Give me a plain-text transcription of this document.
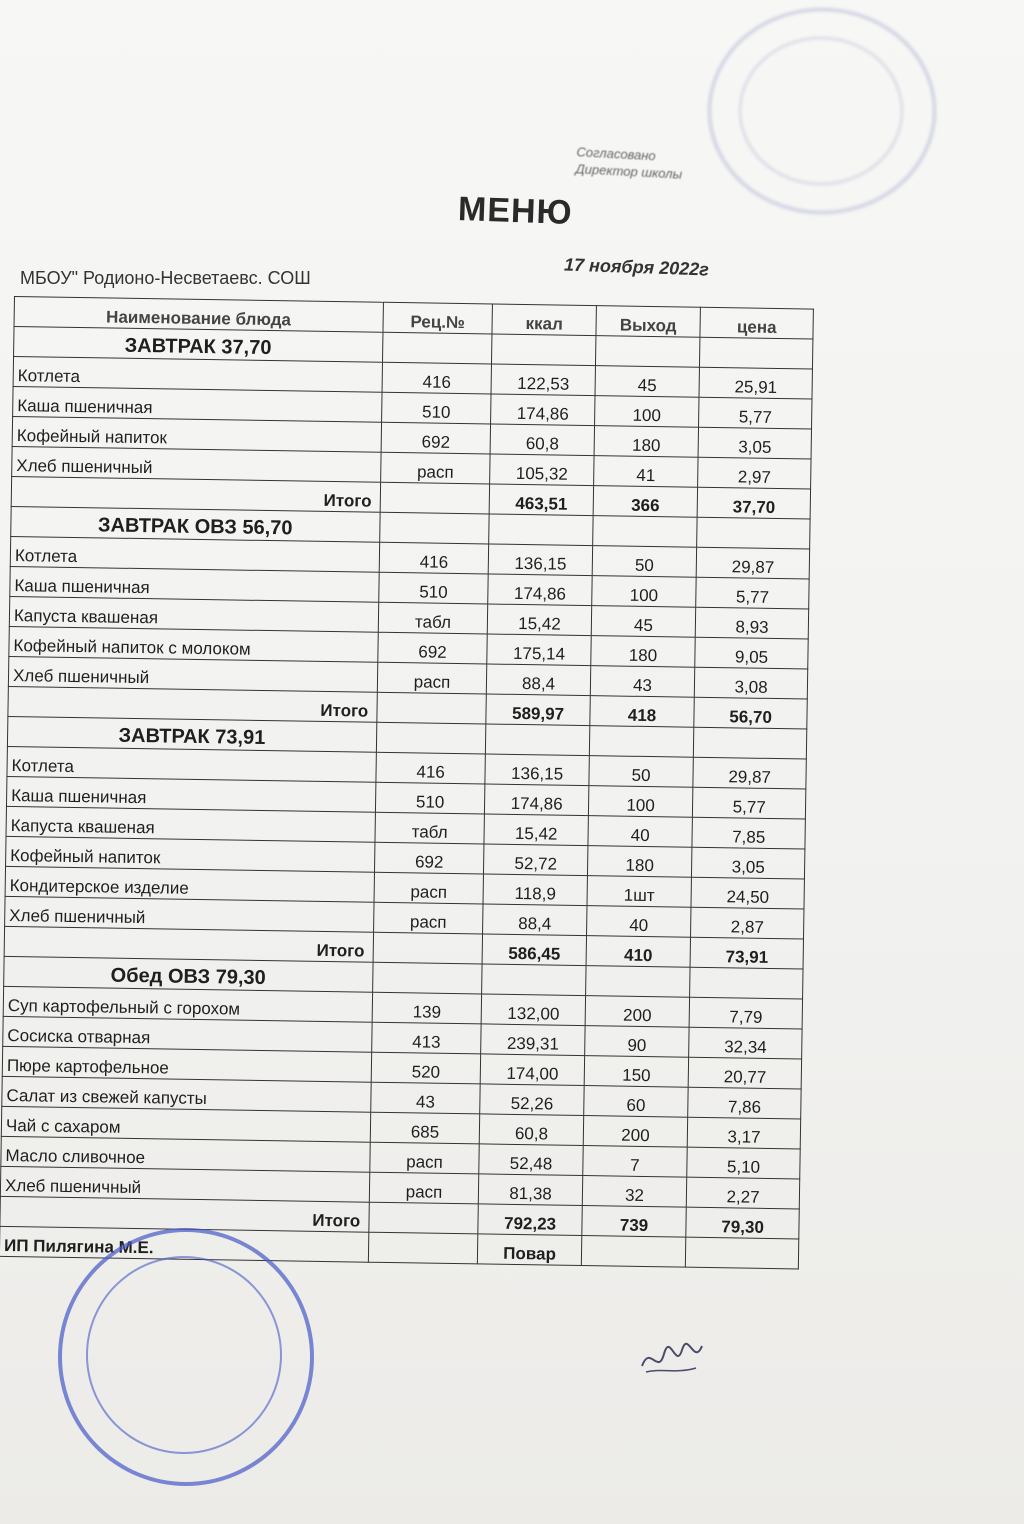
Согласовано
Директор школы
МЕНЮ
МБОУ" Родионо-Несветаевс. СОШ	17 ноября 2022г
Наименование блюда	Рец.№	ккал	Выход	цена
ЗАВТРАК 37,70				
Котлета	416	122,53	45	25,91
Каша пшеничная	510	174,86	100	5,77
Кофейный напиток	692	60,8	180	3,05
Хлеб пшеничный	расп	105,32	41	2,97
Итого		463,51	366	37,70
ЗАВТРАК ОВЗ 56,70				
Котлета	416	136,15	50	29,87
Каша пшеничная	510	174,86	100	5,77
Капуста квашеная	табл	15,42	45	8,93
Кофейный напиток с молоком	692	175,14	180	9,05
Хлеб пшеничный	расп	88,4	43	3,08
Итого		589,97	418	56,70
ЗАВТРАК 73,91				
Котлета	416	136,15	50	29,87
Каша пшеничная	510	174,86	100	5,77
Капуста квашеная	табл	15,42	40	7,85
Кофейный напиток	692	52,72	180	3,05
Кондитерское изделие	расп	118,9	1шт	24,50
Хлеб пшеничный	расп	88,4	40	2,87
Итого		586,45	410	73,91
Обед ОВЗ 79,30				
Суп картофельный с горохом	139	132,00	200	7,79
Сосиска отварная	413	239,31	90	32,34
Пюре картофельное	520	174,00	150	20,77
Салат из свежей капусты	43	52,26	60	7,86
Чай с сахаром	685	60,8	200	3,17
Масло сливочное	расп	52,48	7	5,10
Хлеб пшеничный	расп	81,38	32	2,27
Итого		792,23	739	79,30
ИП Пилягина М.Е.		Повар		
